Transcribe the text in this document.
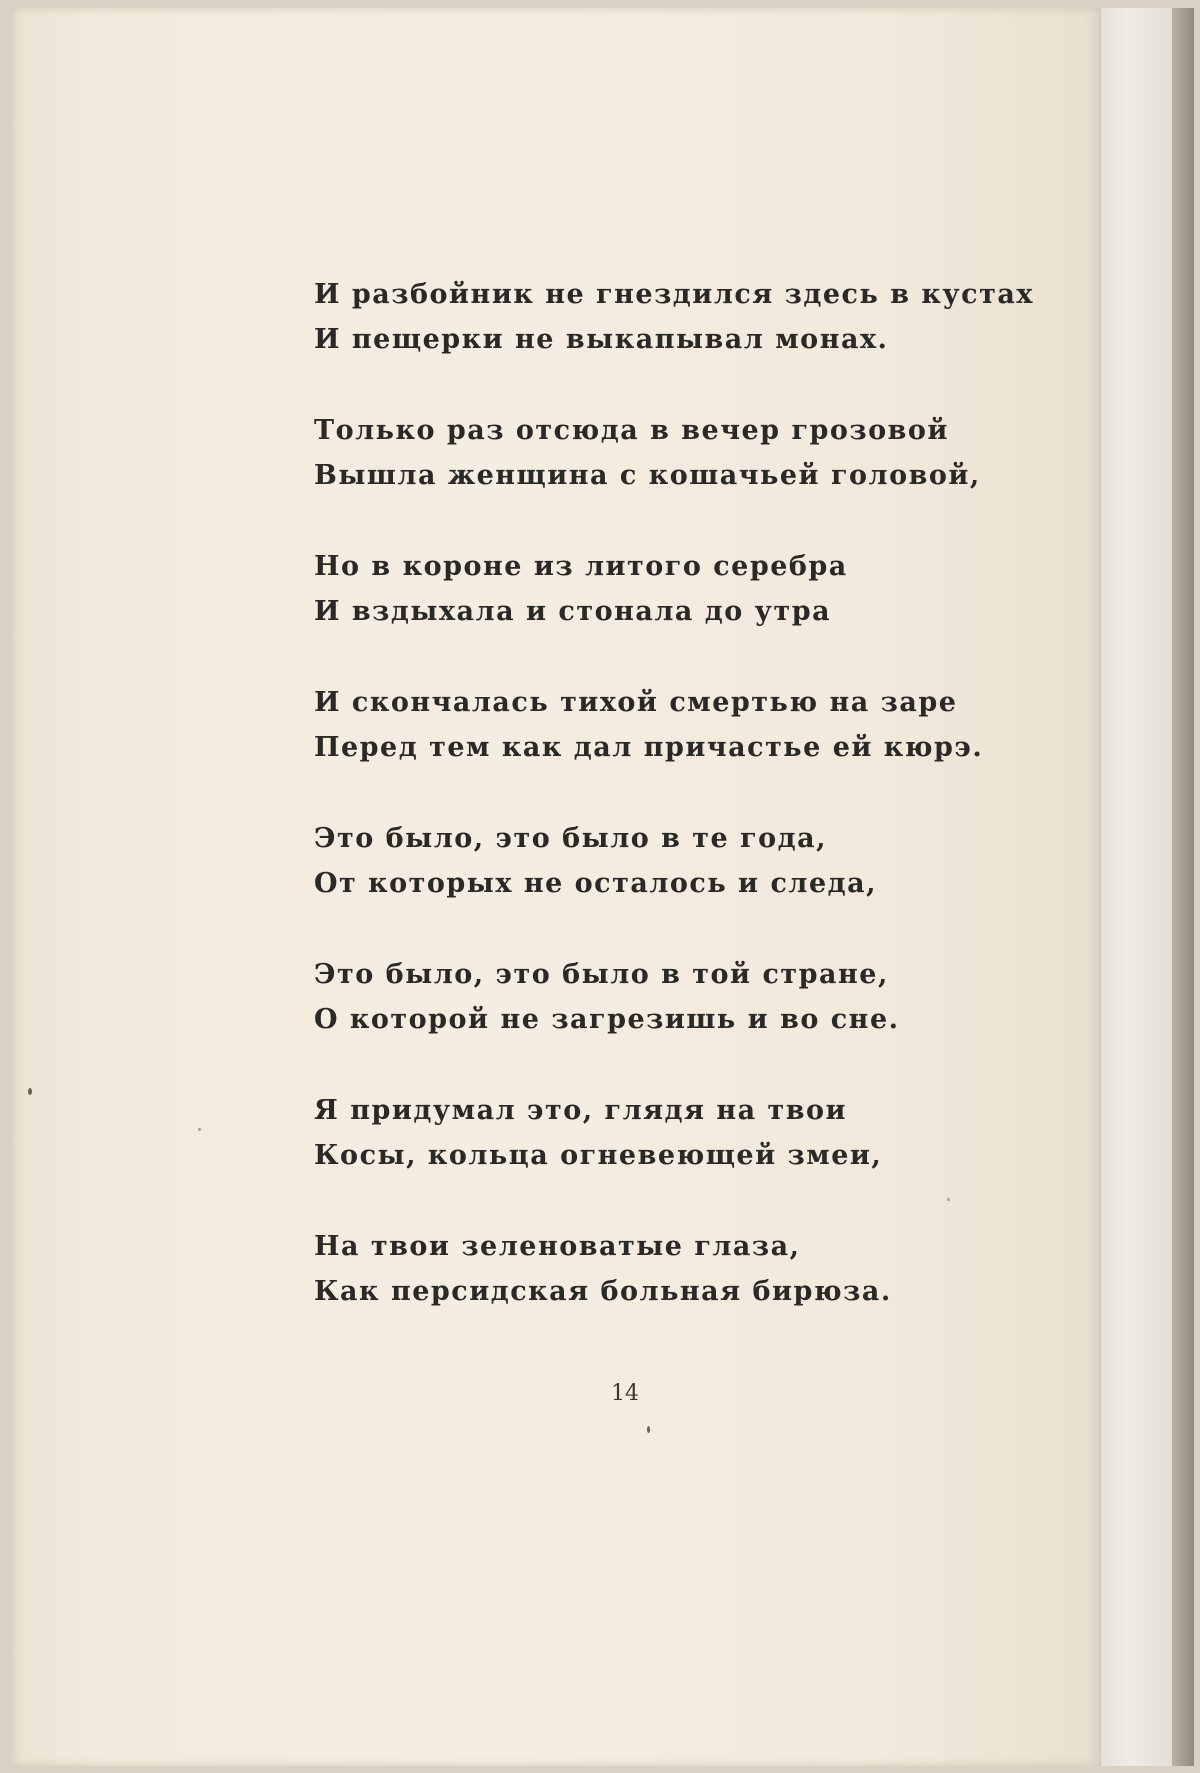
И разбойник не гнездился здесь в кустах
И пещерки не выкапывал монах.
Только раз отсюда в вечер грозовой
Вышла женщина с кошачьей головой,
Но в короне из литого серебра
И вздыхала и стонала до утра
И скончалась тихой смертью на заре
Перед тем как дал причастье ей кюрэ.
Это было, это было в те года,
От которых не осталось и следа,
Это было, это было в той стране,
О которой не загрезишь и во сне.
Я придумал это, глядя на твои
Косы, кольца огневеющей змеи,
На твои зеленоватые глаза,
Как персидская больная бирюза.
14
